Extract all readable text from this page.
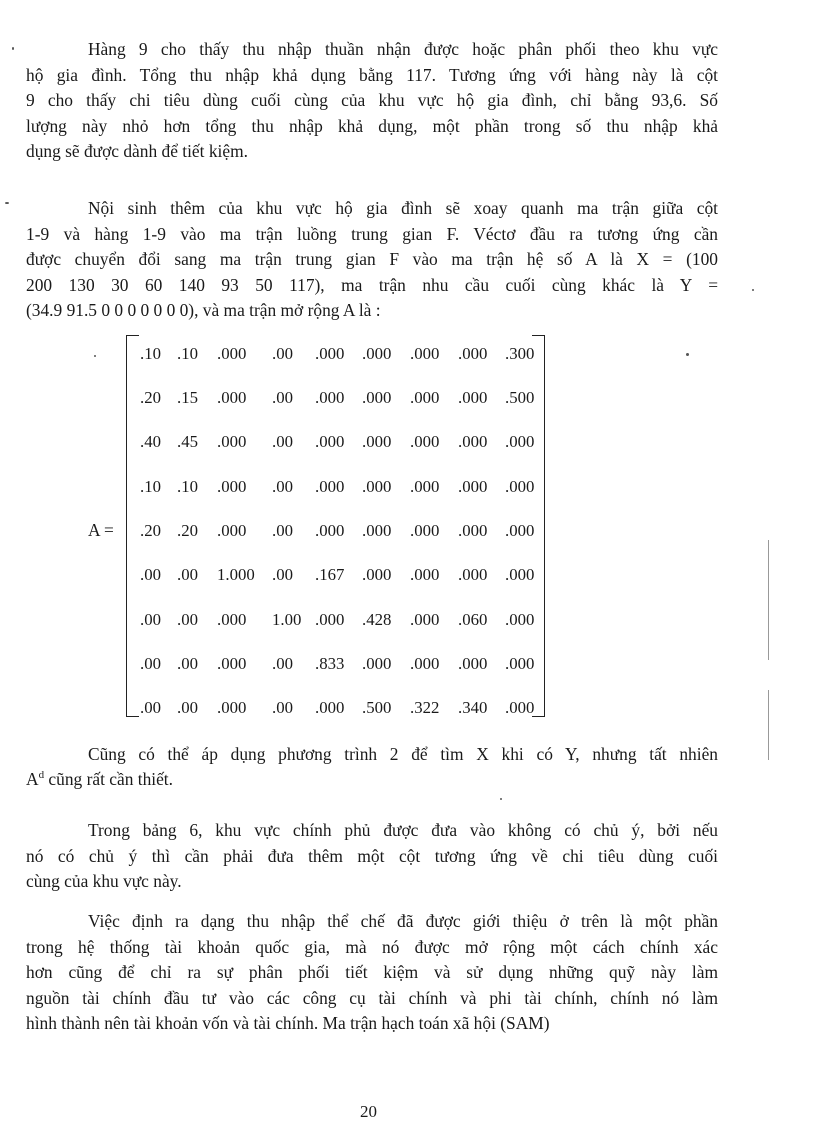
Hàng 9 cho thấy thu nhập thuần nhận được hoặc phân phối theo khu vực
hộ gia đình. Tổng thu nhập khả dụng bằng 117. Tương ứng với hàng này là cột
9 cho thấy chi tiêu dùng cuối cùng của khu vực hộ gia đình, chỉ bằng 93,6. Số
lượng này nhỏ hơn tổng thu nhập khả dụng, một phần trong số thu nhập khả
dụng sẽ được dành để tiết kiệm.
Nội sinh thêm của khu vực hộ gia đình sẽ xoay quanh ma trận giữa cột
1-9 và hàng 1-9 vào ma trận luồng trung gian F. Véctơ đầu ra tương ứng cần
được chuyển đổi sang ma trận trung gian F vào ma trận hệ số A là X = (100
200 130 30 60 140 93 50 117), ma trận nhu cầu cuối cùng khác là Y =
(34.9 91.5 0 0 0 0 0 0 0), và ma trận mở rộng A là :
A =
.10 .10 .000 .00 .000 .000 .000 .000 .300
.20 .15 .000 .00 .000 .000 .000 .000 .500
.40 .45 .000 .00 .000 .000 .000 .000 .000
.10 .10 .000 .00 .000 .000 .000 .000 .000
.20 .20 .000 .00 .000 .000 .000 .000 .000
.00 .00 1.000 .00 .167 .000 .000 .000 .000
.00 .00 .000 1.00 .000 .428 .000 .060 .000
.00 .00 .000 .00 .833 .000 .000 .000 .000
.00 .00 .000 .00 .000 .500 .322 .340 .000
Cũng có thể áp dụng phương trình 2 để tìm X khi có Y, nhưng tất nhiên
$A^d$ cũng rất cần thiết.
Trong bảng 6, khu vực chính phủ được đưa vào không có chủ ý, bởi nếu
nó có chủ ý thì cần phải đưa thêm một cột tương ứng về chi tiêu dùng cuối
cùng của khu vực này.
Việc định ra dạng thu nhập thể chế đã được giới thiệu ở trên là một phần
trong hệ thống tài khoản quốc gia, mà nó được mở rộng một cách chính xác
hơn cũng để chỉ ra sự phân phối tiết kiệm và sử dụng những quỹ này làm
nguồn tài chính đầu tư vào các công cụ tài chính và phi tài chính, chính nó làm
hình thành nên tài khoản vốn và tài chính. Ma trận hạch toán xã hội (SAM)
20
